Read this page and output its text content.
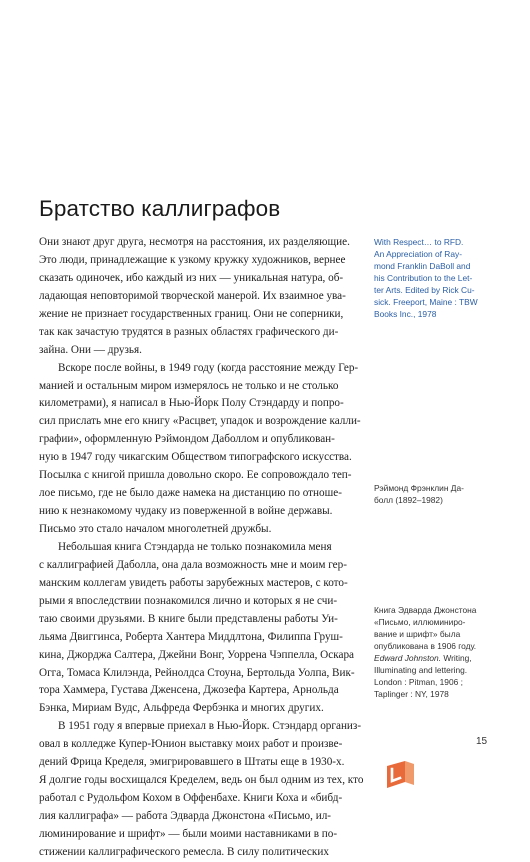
Братство каллиграфов
Они знают друг друга, несмотря на расстояния, их разделяющие.
Это люди, принадлежащие к узкому кружку художников, вернее
сказать одиночек, ибо каждый из них — уникальная натура, об-
ладающая неповторимой творческой манерой. Их взаимное ува-
жение не признает государственных границ. Они не соперники,
так как зачастую трудятся в разных областях графического ди-
зайна. Они — друзья.
Вскоре после войны, в 1949 году (когда расстояние между Гер-
манией и остальным миром измерялось не только и не столько
километрами), я написал в Нью-Йорк Полу Стэндарду и попро-
сил прислать мне его книгу «Расцвет, упадок и возрождение калли-
графии», оформленную Рэймондом Даболлом и опубликован-
ную в 1947 году чикагским Обществом типографского искусства.
Посылка с книгой пришла довольно скоро. Ее сопровождало теп-
лое письмо, где не было даже намека на дистанцию по отноше-
нию к незнакомому чудаку из поверженной в войне державы.
Письмо это стало началом многолетней дружбы.
Небольшая книга Стэндарда не только познакомила меня
с каллиграфией Даболла, она дала возможность мне и моим гер-
манским коллегам увидеть работы зарубежных мастеров, с кото-
рыми я впоследствии познакомился лично и которых я не счи-
таю своими друзьями. В книге были представлены работы Уи-
льяма Двиггинса, Роберта Хантера Миддлтона, Филиппа Груш-
кина, Джорджа Салтера, Джейни Вонг, Уоррена Чэппелла, Оскара
Огга, Томаса Клилэнда, Рейнолдса Стоуна, Бертольда Уолпа, Вик-
тора Хаммера, Густава Дженсена, Джозефа Картера, Арнольда
Бэнка, Мириам Вудс, Альфреда Фербэнка и многих других.
В 1951 году я впервые приехал в Нью-Йорк. Стэндард организ-
овал в колледже Купер-Юнион выставку моих работ и произве-
дений Фрица Кределя, эмигрировавшего в Штаты еще в 1930-х.
Я долгие годы восхищался Кределем, ведь он был одним из тех, кто
работал с Рудольфом Кохом в Оффенбахе. Книги Коха и «бибд-
лия каллиграфа» — работа Эдварда Джонстона «Письмо, ил-
люминирование и шрифт» — были моими наставниками в по-
стижении каллиграфического ремесла. В силу политических
With Respect… to RFD.
An Appreciation of Ray-
mond Franklin DaBoll and
his Contribution to the Let-
ter Arts. Edited by Rick Cu-
sick. Freeport, Maine : TBW
Books Inc., 1978
Рэймонд Фрэнклин Да-
болл (1892–1982)
Книга Эдварда Джонстона
«Письмо, иллюминиро-
вание и шрифт» была
опубликована в 1906 году.
Edward Johnston. Writing,
Illuminating and lettering.
London : Pitman, 1906 ;
Taplinger : NY, 1978
15
